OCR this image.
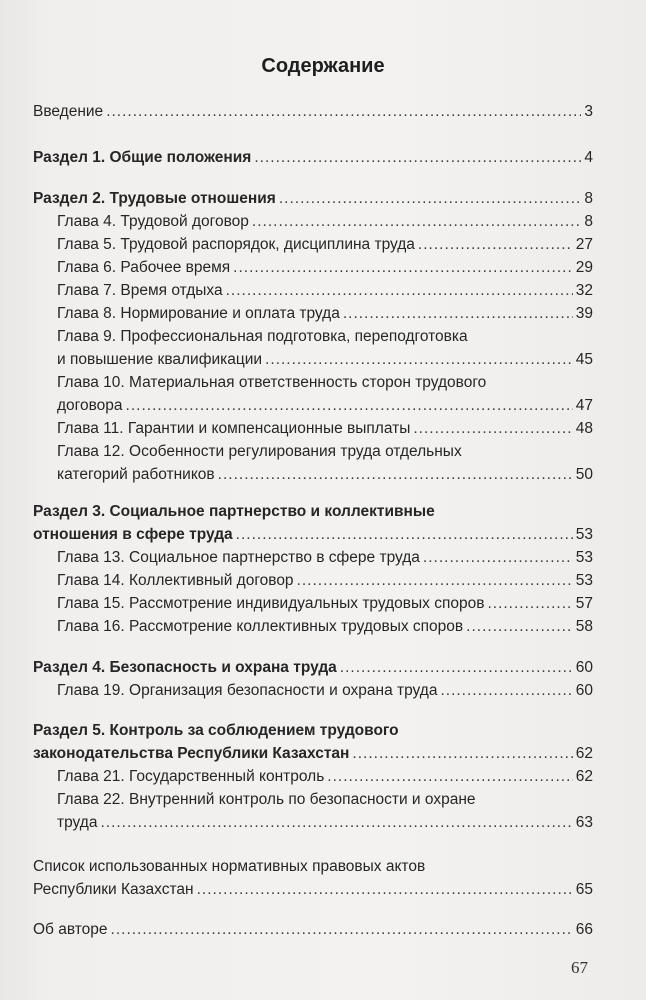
Содержание
Введение .....	3
Раздел 1. Общие положения .....	4
Раздел 2. Трудовые отношения .....	8
Глава 4. Трудовой договор .....	8
Глава 5. Трудовой распорядок, дисциплина труда .....	27
Глава 6. Рабочее время .....	29
Глава 7. Время отдыха .....	32
Глава 8. Нормирование и оплата труда .....	39
Глава 9. Профессиональная подготовка, переподготовка
и повышение квалификации .....	45
Глава 10. Материальная ответственность сторон трудового
договора .....	47
Глава 11. Гарантии и компенсационные выплаты .....	48
Глава 12. Особенности регулирования труда отдельных
категорий работников .....	50
Раздел 3. Социальное партнерство и коллективные
отношения в сфере труда .....	53
Глава 13. Социальное партнерство в сфере труда .....	53
Глава 14. Коллективный договор .....	53
Глава 15. Рассмотрение индивидуальных трудовых споров .....	57
Глава 16. Рассмотрение коллективных трудовых споров .....	58
Раздел 4. Безопасность и охрана труда .....	60
Глава 19. Организация безопасности и охрана труда .....	60
Раздел 5. Контроль за соблюдением трудового
законодательства Республики Казахстан .....	62
Глава 21. Государственный контроль .....	62
Глава 22. Внутренний контроль по безопасности и охране
труда .....	63
Список использованных нормативных правовых актов
Республики Казахстан .....	65
Об авторе .....	66
67
